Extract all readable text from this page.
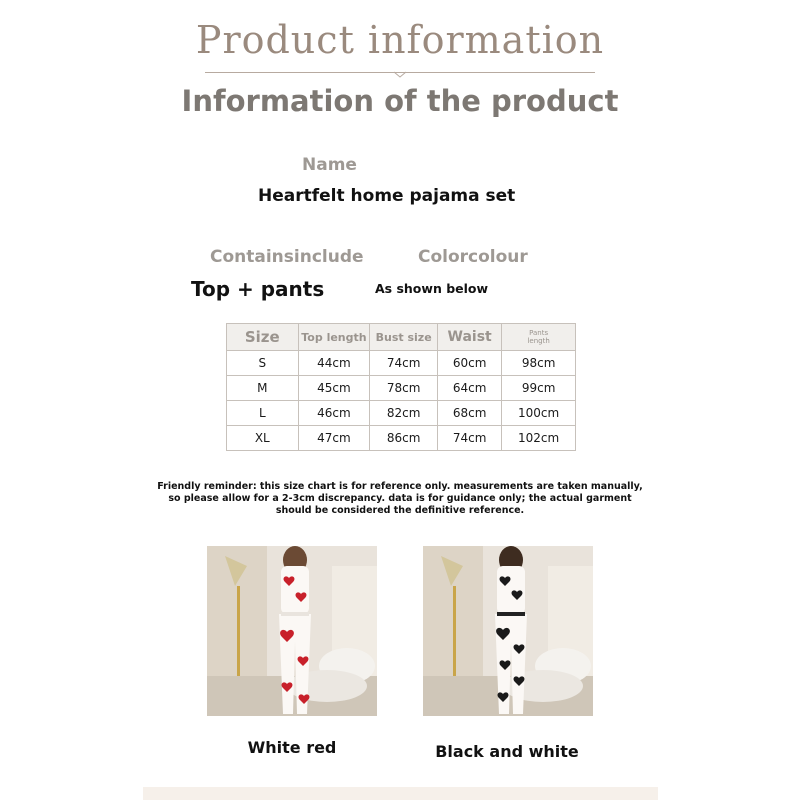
Product information
Information of the product
Name
Heartfelt home pajama set
Containsinclude	Colorcolour
Top + pants	As shown below
Size	Top length	Bust size	Waist	Pants length
S	44cm	74cm	60cm	98cm
M	45cm	78cm	64cm	99cm
L	46cm	82cm	68cm	100cm
XL	47cm	86cm	74cm	102cm
Friendly reminder: this size chart is for reference only. measurements are taken manually, so please allow for a 2-3cm discrepancy. data is for guidance only; the actual garment should be considered the definitive reference.
White red	Black and white
